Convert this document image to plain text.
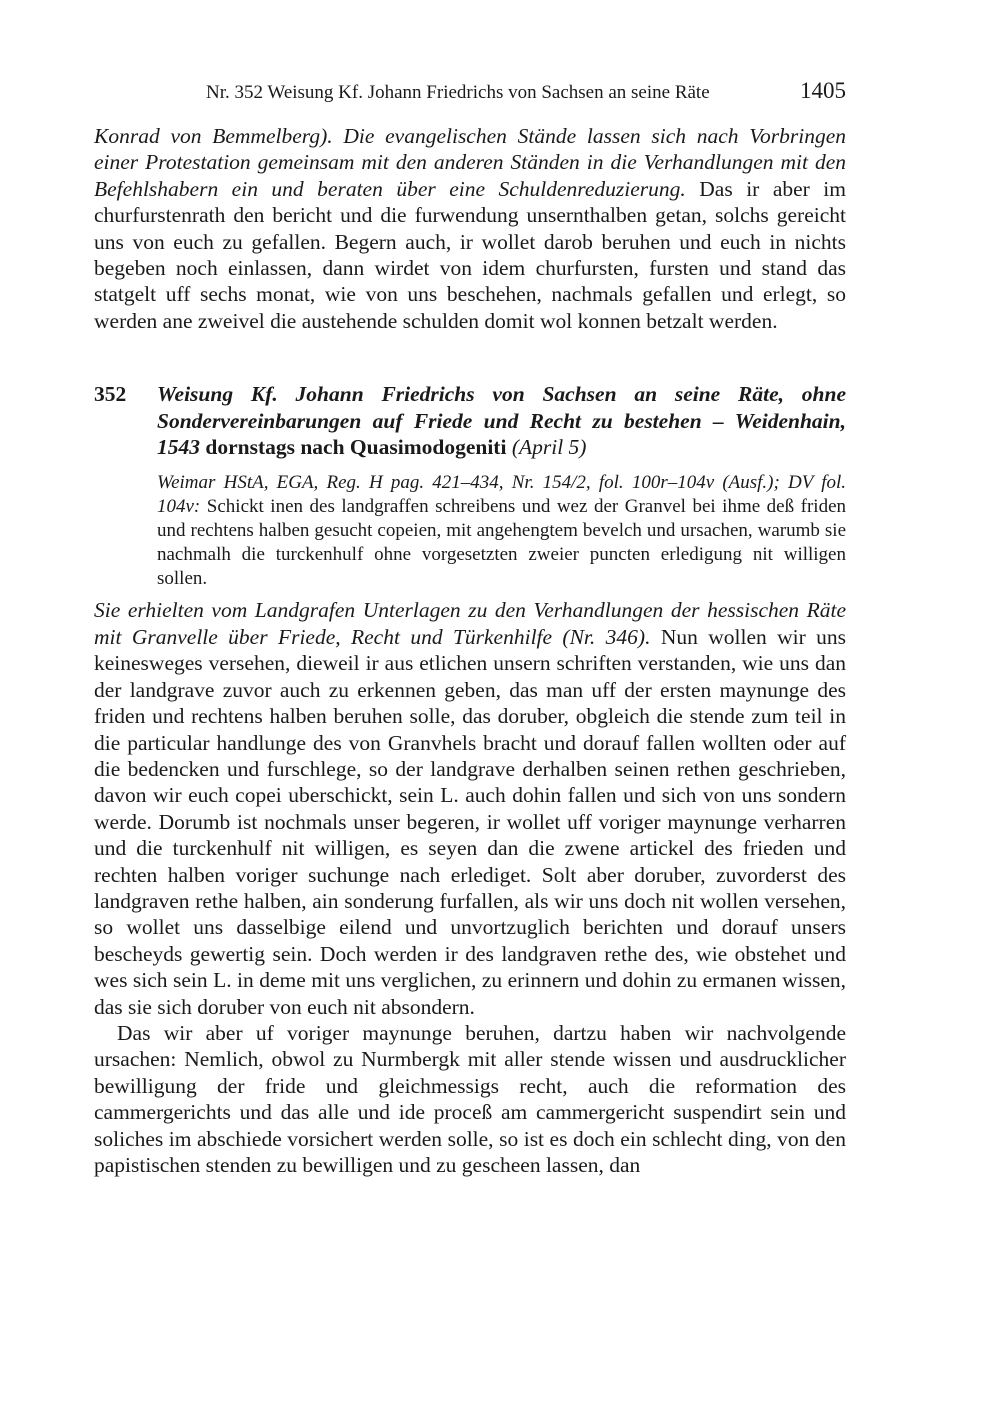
Nr. 352 Weisung Kf. Johann Friedrichs von Sachsen an seine Räte	1405

Konrad von Bemmelberg). Die evangelischen Stände lassen sich nach Vorbringen einer Protestation gemeinsam mit den anderen Ständen in die Verhandlungen mit den Befehlshabern ein und beraten über eine Schuldenreduzierung. Das ir aber im churfurstenrath den bericht und die furwendung unsernthalben getan, solchs gereicht uns von euch zu gefallen. Begern auch, ir wollet darob beruhen und euch in nichts begeben noch einlassen, dann wirdet von idem churfursten, fursten und stand das statgelt uff sechs monat, wie von uns beschehen, nachmals gefallen und erlegt, so werden ane zweivel die austehende schulden domit wol konnen betzalt werden.

352 Weisung Kf. Johann Friedrichs von Sachsen an seine Räte, ohne Sondervereinbarungen auf Friede und Recht zu bestehen – Weidenhain, 1543 dornstags nach Quasimodogeniti (April 5)

Weimar HStA, EGA, Reg. H pag. 421–434, Nr. 154/2, fol. 100r–104v (Ausf.); DV fol. 104v: Schickt inen des landgraffen schreibens und wez der Granvel bei ihme deß friden und rechtens halben gesucht copeien, mit angehengtem bevelch und ursachen, warumb sie nachmalh die turckenhulf ohne vorgesetzten zweier puncten erledigung nit willigen sollen.

Sie erhielten vom Landgrafen Unterlagen zu den Verhandlungen der hessischen Räte mit Granvelle über Friede, Recht und Türkenhilfe (Nr. 346). Nun wollen wir uns keinesweges versehen, dieweil ir aus etlichen unsern schriften verstanden, wie uns dan der landgrave zuvor auch zu erkennen geben, das man uff der ersten maynunge des friden und rechtens halben beruhen solle, das doruber, obgleich die stende zum teil in die particular handlunge des von Granvhels bracht und dorauf fallen wollten oder auf die bedencken und furschlege, so der landgrave derhalben seinen rethen geschrieben, davon wir euch copei uberschickt, sein L. auch dohin fallen und sich von uns sondern werde. Dorumb ist nochmals unser begeren, ir wollet uff voriger maynunge verharren und die turckenhulf nit willigen, es seyen dan die zwene artickel des frieden und rechten halben voriger suchunge nach erlediget. Solt aber doruber, zuvorderst des landgraven rethe halben, ain sonderung furfallen, als wir uns doch nit wollen versehen, so wollet uns dasselbige eilend und unvortzuglich berichten und dorauf unsers bescheyds gewertig sein. Doch werden ir des landgraven rethe des, wie obstehet und wes sich sein L. in deme mit uns verglichen, zu erinnern und dohin zu ermanen wissen, das sie sich doruber von euch nit absondern.

Das wir aber uf voriger maynunge beruhen, dartzu haben wir nachvolgende ursachen: Nemlich, obwol zu Nurmbergk mit aller stende wissen und ausdrucklicher bewilligung der fride und gleichmessigs recht, auch die reformation des cammergerichts und das alle und ide proceß am cammergericht suspendirt sein und soliches im abschiede vorsichert werden solle, so ist es doch ein schlecht ding, von den papistischen stenden zu bewilligen und zu gescheen lassen, dan
